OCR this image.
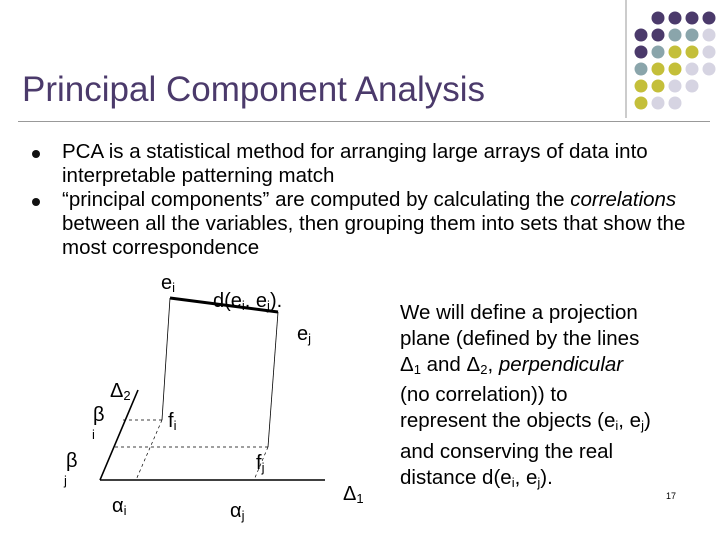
Principal Component Analysis
PCA is a statistical method for arranging large arrays of data into interpretable patterning match
“principal components” are computed by calculating the correlations between all the variables, then grouping them into sets that show the most correspondence
$e_i$
$d(e_i$, $e_j$).
$e_j$
$\Delta_2$
β
i
$f_i$
β
j
$f_j$
$\alpha_i$	$\alpha_j$
$\Delta_1$
We will define a projection
plane (defined by the lines
$\Delta_1$ and $\Delta_2$, perpendicular
(no correlation)) to
represent the objects ($e_i$, $e_j$)
and conserving the real
distance $d(e_i$, $e_j$).
17
